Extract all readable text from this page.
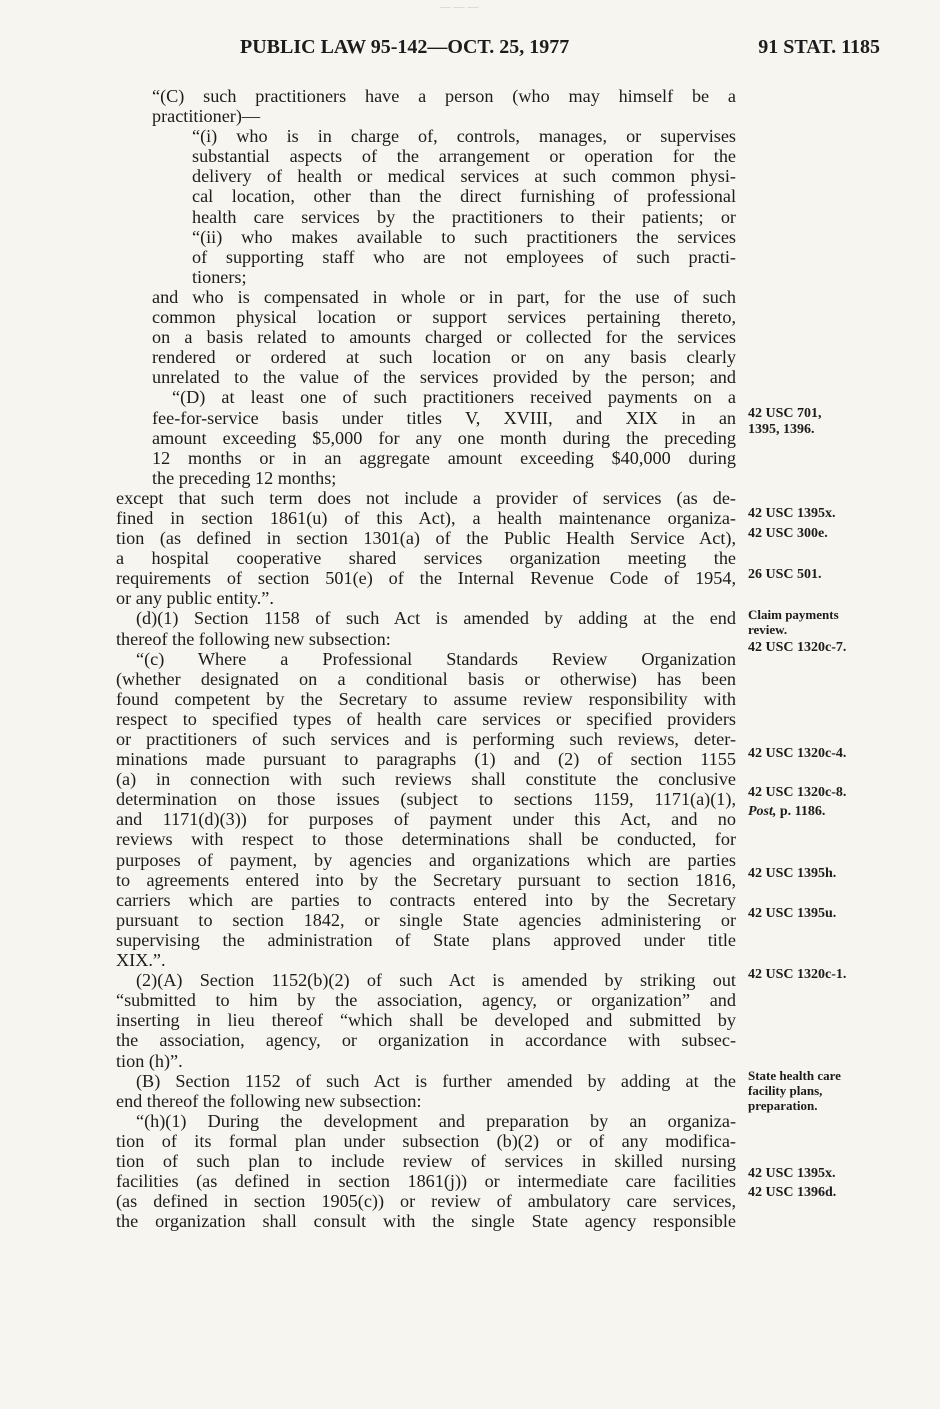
———
PUBLIC LAW 95-142—OCT. 25, 1977	91 STAT. 1185
“(C) such practitioners have a person (who may himself be a
practitioner)—
“(i) who is in charge of, controls, manages, or supervises
substantial aspects of the arrangement or operation for the
delivery of health or medical services at such common physi-
cal location, other than the direct furnishing of professional
health care services by the practitioners to their patients; or
“(ii) who makes available to such practitioners the services
of supporting staff who are not employees of such practi-
tioners;
and who is compensated in whole or in part, for the use of such
common physical location or support services pertaining thereto,
on a basis related to amounts charged or collected for the services
rendered or ordered at such location or on any basis clearly
unrelated to the value of the services provided by the person; and
“(D) at least one of such practitioners received payments on a
fee-for-service basis under titles V, XVIII, and XIX in an
amount exceeding $5,000 for any one month during the preceding
12 months or in an aggregate amount exceeding $40,000 during
the preceding 12 months;
except that such term does not include a provider of services (as de-
fined in section 1861(u) of this Act), a health maintenance organiza-
tion (as defined in section 1301(a) of the Public Health Service Act),
a hospital cooperative shared services organization meeting the
requirements of section 501(e) of the Internal Revenue Code of 1954,
or any public entity.”.
(d)(1) Section 1158 of such Act is amended by adding at the end
thereof the following new subsection:
“(c) Where a Professional Standards Review Organization
(whether designated on a conditional basis or otherwise) has been
found competent by the Secretary to assume review responsibility with
respect to specified types of health care services or specified providers
or practitioners of such services and is performing such reviews, deter-
minations made pursuant to paragraphs (1) and (2) of section 1155
(a) in connection with such reviews shall constitute the conclusive
determination on those issues (subject to sections 1159, 1171(a)(1),
and 1171(d)(3)) for purposes of payment under this Act, and no
reviews with respect to those determinations shall be conducted, for
purposes of payment, by agencies and organizations which are parties
to agreements entered into by the Secretary pursuant to section 1816,
carriers which are parties to contracts entered into by the Secretary
pursuant to section 1842, or single State agencies administering or
supervising the administration of State plans approved under title
XIX.”.
(2)(A) Section 1152(b)(2) of such Act is amended by striking out
“submitted to him by the association, agency, or organization” and
inserting in lieu thereof “which shall be developed and submitted by
the association, agency, or organization in accordance with subsec-
tion (h)”.
(B) Section 1152 of such Act is further amended by adding at the
end thereof the following new subsection:
“(h)(1) During the development and preparation by an organiza-
tion of its formal plan under subsection (b)(2) or of any modifica-
tion of such plan to include review of services in skilled nursing
facilities (as defined in section 1861(j)) or intermediate care facilities
(as defined in section 1905(c)) or review of ambulatory care services,
the organization shall consult with the single State agency responsible
42 USC 701,
1395, 1396.
42 USC 1395x.
42 USC 300e.
26 USC 501.
Claim payments
review.
42 USC 1320c-7.
42 USC 1320c-4.
42 USC 1320c-8.
Post, p. 1186.
42 USC 1395h.
42 USC 1395u.
42 USC 1320c-1.
State health care
facility plans,
preparation.
42 USC 1395x.
42 USC 1396d.
